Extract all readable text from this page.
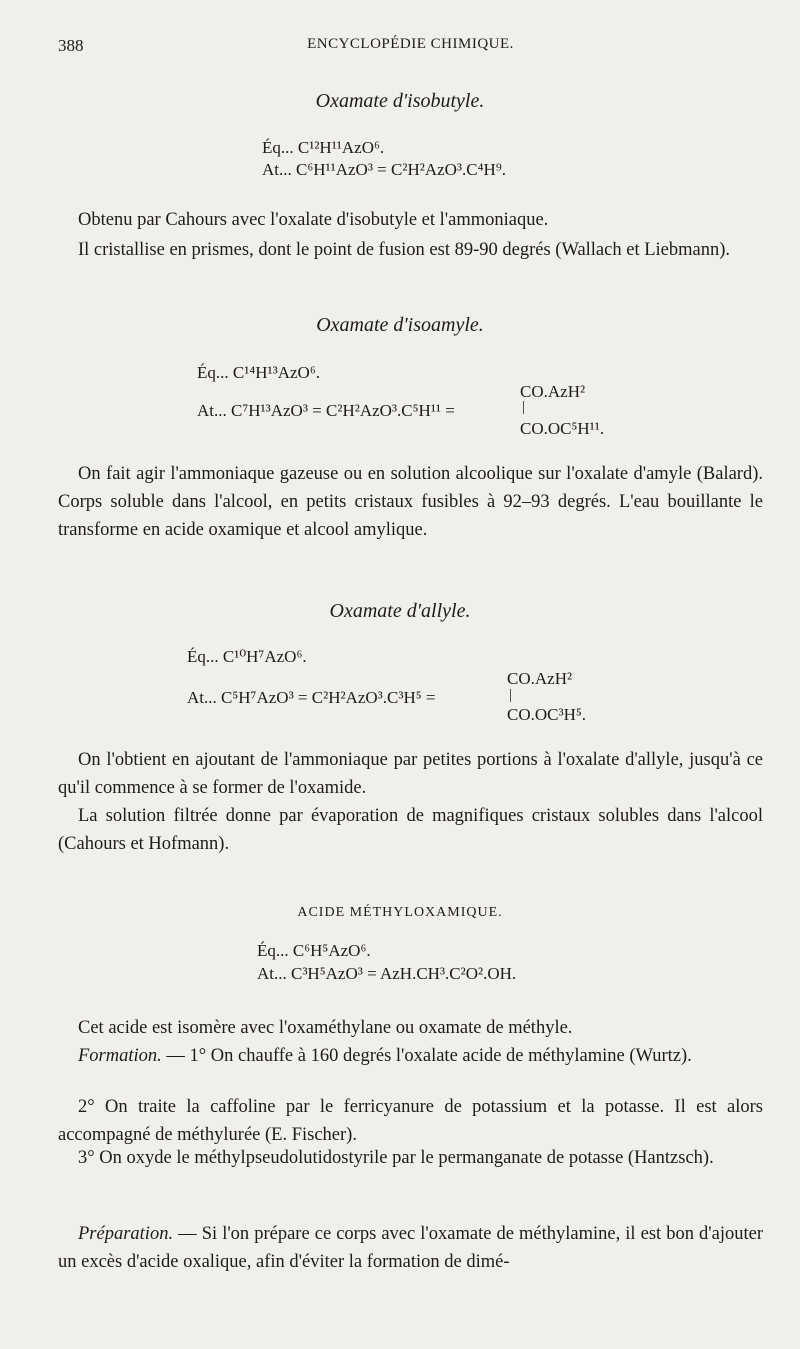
388	ENCYCLOPÉDIE CHIMIQUE.
Oxamate d'isobutyle.
Éq... C¹²H¹¹AzO⁶.
At... C⁶H¹¹AzO³ = C²H²AzO³.C⁴H⁹.
Obtenu par Cahours avec l'oxalate d'isobutyle et l'ammoniaque.
Il cristallise en prismes, dont le point de fusion est 89-90 degrés (Wallach et Liebmann).
Oxamate d'isoamyle.
Éq... C¹⁴H¹³AzO⁶.
CO.AzH²
At... C⁷H¹³AzO³ = C²H²AzO³.C⁵H¹¹ =	|
CO.OC⁵H¹¹.
On fait agir l'ammoniaque gazeuse ou en solution alcoolique sur l'oxalate d'amyle (Balard). Corps soluble dans l'alcool, en petits cristaux fusibles à 92–93 degrés. L'eau bouillante le transforme en acide oxamique et alcool amylique.
Oxamate d'allyle.
Éq... C¹⁰H⁷AzO⁶.
CO.AzH²
At... C⁵H⁷AzO³ = C²H²AzO³.C³H⁵ =	|
CO.OC³H⁵.
On l'obtient en ajoutant de l'ammoniaque par petites portions à l'oxalate d'allyle, jusqu'à ce qu'il commence à se former de l'oxamide.
La solution filtrée donne par évaporation de magnifiques cristaux solubles dans l'alcool (Cahours et Hofmann).
ACIDE MÉTHYLOXAMIQUE.
Éq... C⁶H⁵AzO⁶.
At... C³H⁵AzO³ = AzH.CH³.C²O².OH.
Cet acide est isomère avec l'oxaméthylane ou oxamate de méthyle.
Formation. — 1° On chauffe à 160 degrés l'oxalate acide de méthylamine (Wurtz).
2° On traite la caffoline par le ferricyanure de potassium et la potasse. Il est alors accompagné de méthylurée (E. Fischer).
3° On oxyde le méthylpseudolutidostyrile par le permanganate de potasse (Hantzsch).
Préparation. — Si l'on prépare ce corps avec l'oxamate de méthylamine, il est bon d'ajouter un excès d'acide oxalique, afin d'éviter la formation de dimé-
